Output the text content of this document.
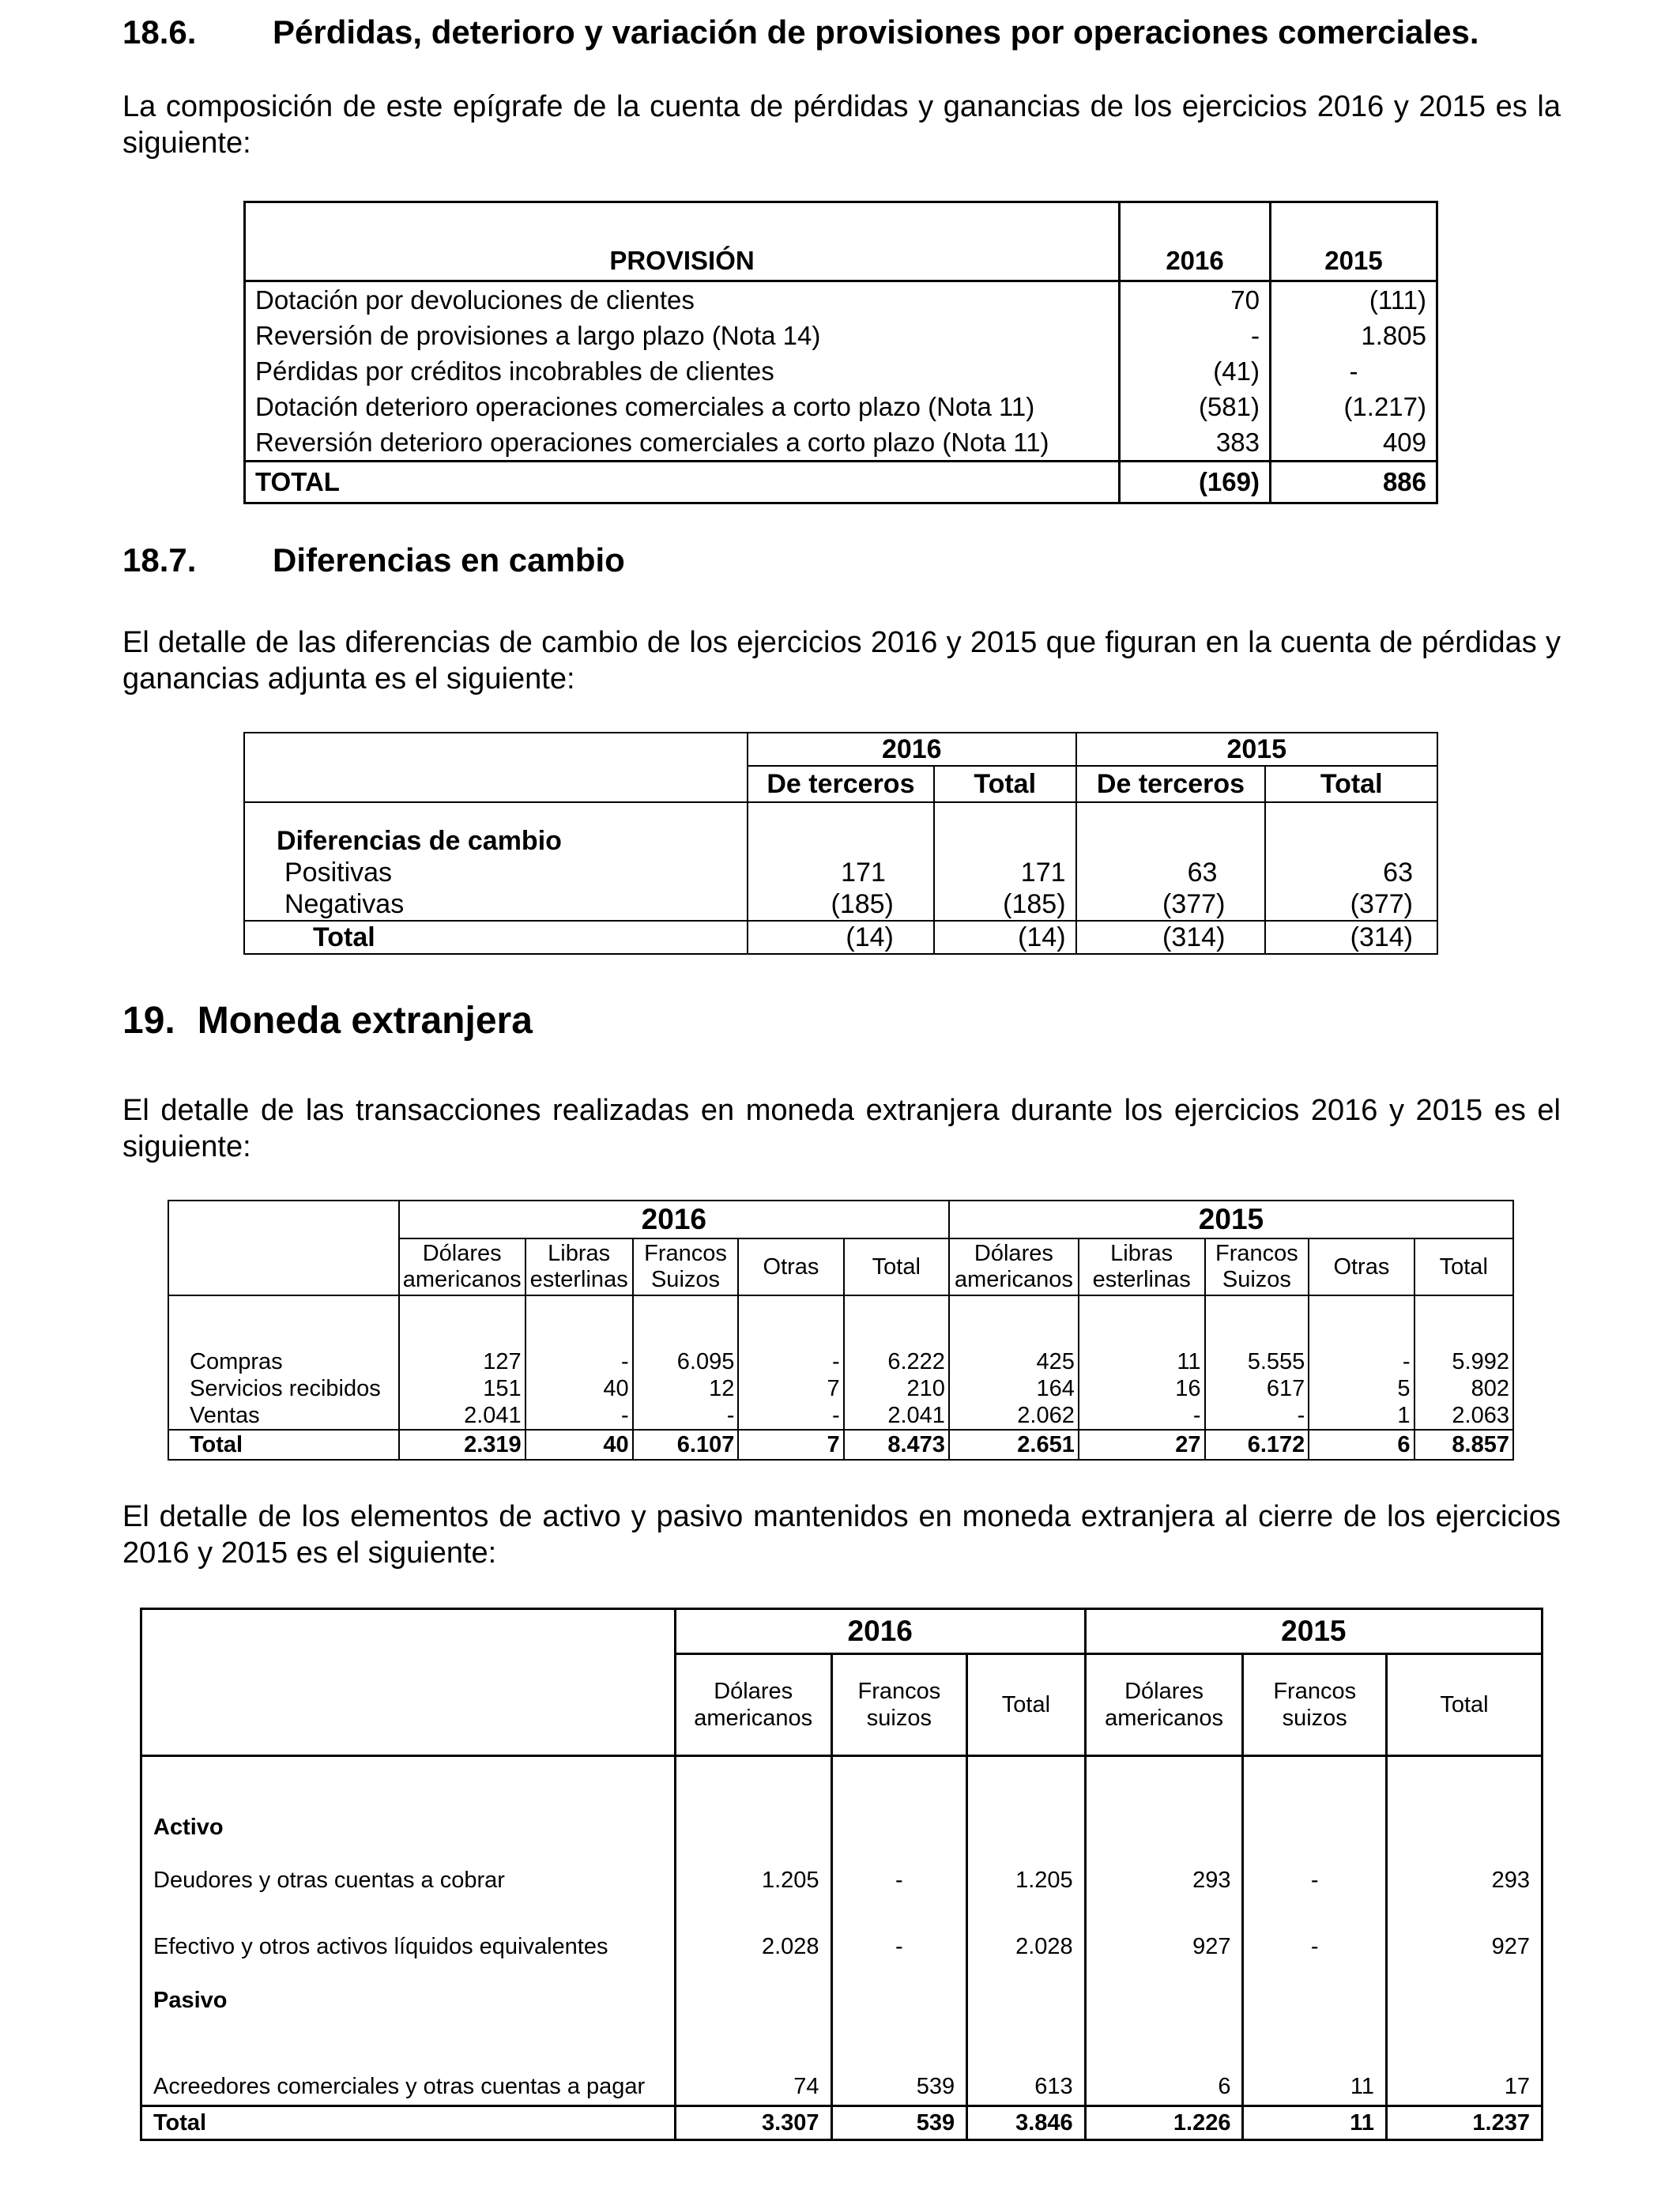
18.6. Pérdidas, deterioro y variación de provisiones por operaciones comerciales.
La composición de este epígrafe de la cuenta de pérdidas y ganancias de los ejercicios 2016 y 2015 es la siguiente:
PROVISIÓN	2016	2015
Dotación por devoluciones de clientes	70	(111)
Reversión de provisiones a largo plazo (Nota 14)	-	1.805
Pérdidas por créditos incobrables de clientes	(41)	-
Dotación deterioro operaciones comerciales a corto plazo (Nota 11)	(581)	(1.217)
Reversión deterioro operaciones comerciales a corto plazo (Nota 11)	383	409
TOTAL	(169)	886
18.7. Diferencias en cambio
El detalle de las diferencias de cambio de los ejercicios 2016 y 2015 que figuran en la cuenta de pérdidas y ganancias adjunta es el siguiente:
	2016		2015	
	De terceros	Total	De terceros	Total

Diferencias de cambio				
Positivas	171	171	63	63
Negativas	(185)	(185)	(377)	(377)
Total	(14)	(14)	(314)	(314)
19. Moneda extranjera
El detalle de las transacciones realizadas en moneda extranjera durante los ejercicios 2016 y 2015 es el siguiente:
	2016					2015				
	Dólares
americanos	Libras
esterlinas	Francos
Suizos	Otras	Total	Dólares
americanos	Libras
esterlinas	Francos
Suizos	Otras	Total

Compras	127	-	6.095	-	6.222	425	11	5.555	-	5.992
Servicios recibidos	151	40	12	7	210	164	16	617	5	802
Ventas	2.041	-	-	-	2.041	2.062	-	-	1	2.063
Total	2.319	40	6.107	7	8.473	2.651	27	6.172	6	8.857
El detalle de los elementos de activo y pasivo mantenidos en moneda extranjera al cierre de los ejercicios 2016 y 2015 es el siguiente:
	2016			2015		
	Dólares
americanos	Francos
suizos	Total	Dólares
americanos	Francos
suizos	Total
Activo						
Deudores y otras cuentas a cobrar	1.205	-	1.205	293	-	293
Efectivo y otros activos líquidos equivalentes	2.028	-	2.028	927	-	927
Pasivo						
Acreedores comerciales y otras cuentas a pagar	74	539	613	6	11	17
Total	3.307	539	3.846	1.226	11	1.237
